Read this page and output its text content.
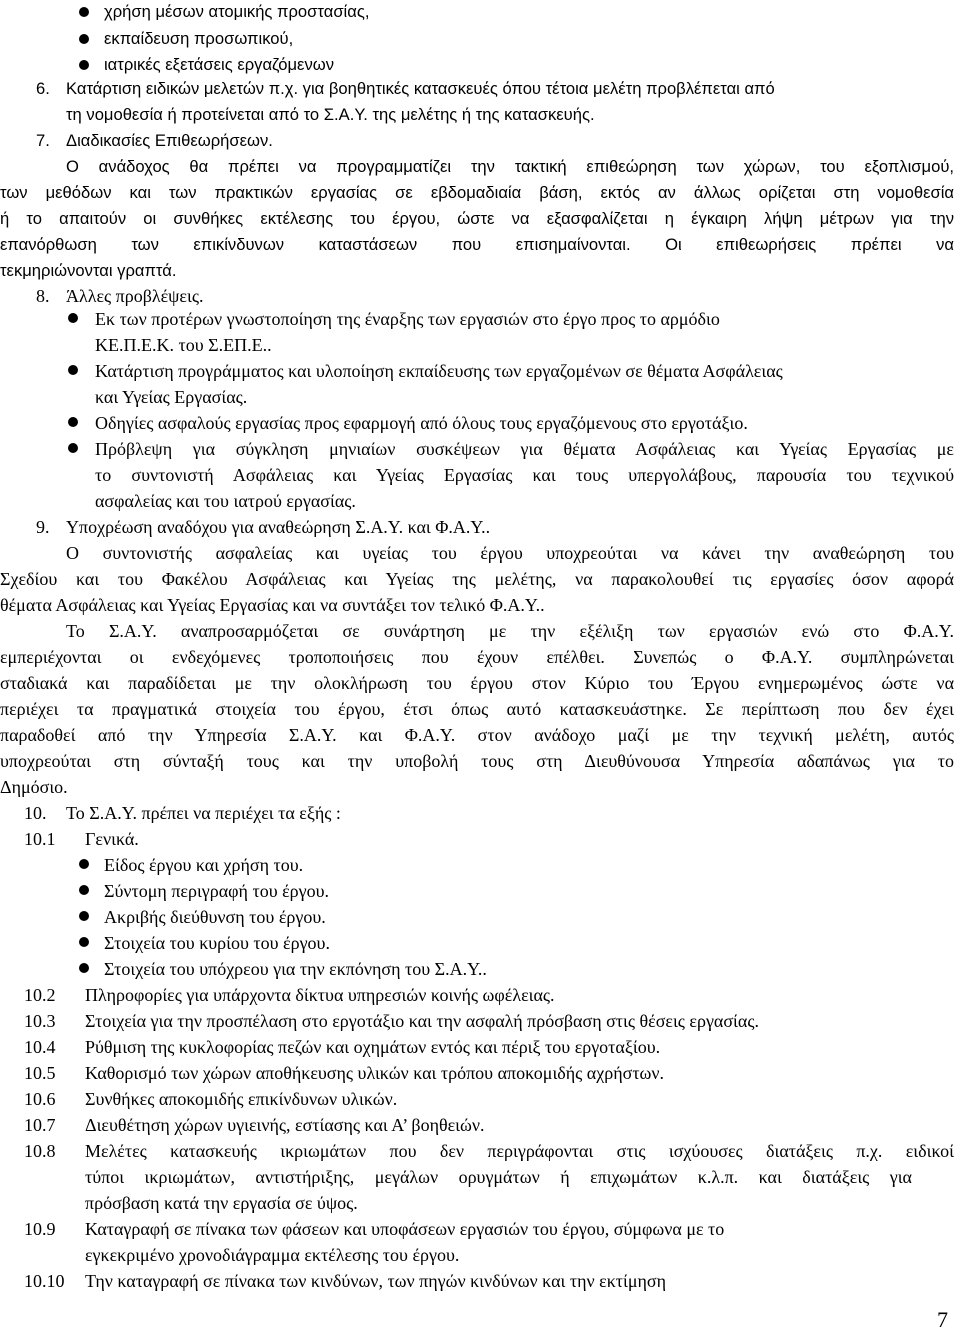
χρήση μέσων ατομικής προστασίας,
εκπαίδευση προσωπικού,
ιατρικές εξετάσεις εργαζόμενων
6. Κατάρτιση ειδικών μελετών π.χ. για βοηθητικές κατασκευές όπου τέτοια μελέτη προβλέπεται από
τη νομοθεσία ή προτείνεται από το Σ.Α.Υ. της μελέτης ή της κατασκευής.
7. Διαδικασίες Επιθεωρήσεων.
Ο ανάδοχος θα πρέπει να προγραμματίζει την τακτική επιθεώρηση των χώρων, του εξοπλισμού,
των μεθόδων και των πρακτικών εργασίας σε εβδομαδιαία βάση, εκτός αν άλλως ορίζεται στη νομοθεσία
ή το απαιτούν οι συνθήκες εκτέλεσης του έργου, ώστε να εξασφαλίζεται η έγκαιρη λήψη μέτρων για την
επανόρθωση των επικίνδυνων καταστάσεων που επισημαίνονται. Οι επιθεωρήσεις πρέπει να
τεκμηριώνονται γραπτά.
8. Άλλες προβλέψεις.
Εκ των προτέρων γνωστοποίηση της έναρξης των εργασιών στο έργο προς το αρμόδιο
ΚΕ.Π.Ε.Κ. του Σ.ΕΠ.Ε..
Κατάρτιση προγράμματος και υλοποίηση εκπαίδευσης των εργαζομένων σε θέματα Ασφάλειας
και Υγείας Εργασίας.
Οδηγίες ασφαλούς εργασίας προς εφαρμογή από όλους τους εργαζόμενους στο εργοτάξιο.
Πρόβλεψη για σύγκληση μηνιαίων συσκέψεων για θέματα Ασφάλειας και Υγείας Εργασίας με
το συντονιστή Ασφάλειας και Υγείας Εργασίας και τους υπεργολάβους, παρουσία του τεχνικού
ασφαλείας και του ιατρού εργασίας.
9. Υποχρέωση αναδόχου για αναθεώρηση Σ.Α.Υ. και Φ.Α.Υ..
Ο συντονιστής ασφαλείας και υγείας του έργου υποχρεούται να κάνει την αναθεώρηση του
Σχεδίου και του Φακέλου Ασφάλειας και Υγείας της μελέτης, να παρακολουθεί τις εργασίες όσον αφορά
θέματα Ασφάλειας και Υγείας Εργασίας και να συντάξει τον τελικό Φ.Α.Υ..
Το Σ.Α.Υ. αναπροσαρμόζεται σε συνάρτηση με την εξέλιξη των εργασιών ενώ στο Φ.Α.Υ.
εμπεριέχονται οι ενδεχόμενες τροποποιήσεις που έχουν επέλθει. Συνεπώς ο Φ.Α.Υ. συμπληρώνεται
σταδιακά και παραδίδεται με την ολοκλήρωση του έργου στον Κύριο του Έργου ενημερωμένος ώστε να
περιέχει τα πραγματικά στοιχεία του έργου, έτσι όπως αυτό κατασκευάστηκε. Σε περίπτωση που δεν έχει
παραδοθεί από την Υπηρεσία Σ.Α.Υ. και Φ.Α.Υ. στον ανάδοχο μαζί με την τεχνική μελέτη, αυτός
υποχρεούται στη σύνταξή τους και την υποβολή τους στη Διευθύνουσα Υπηρεσία αδαπάνως για το
Δημόσιο.
10. Το Σ.Α.Υ. πρέπει να περιέχει τα εξής :
10.1 Γενικά.
Είδος έργου και χρήση του.
Σύντομη περιγραφή του έργου.
Ακριβής διεύθυνση του έργου.
Στοιχεία του κυρίου του έργου.
Στοιχεία του υπόχρεου για την εκπόνηση του Σ.Α.Υ..
10.2 Πληροφορίες για υπάρχοντα δίκτυα υπηρεσιών κοινής ωφέλειας.
10.3 Στοιχεία για την προσπέλαση στο εργοτάξιο και την ασφαλή πρόσβαση στις θέσεις εργασίας.
10.4 Ρύθμιση της κυκλοφορίας πεζών και οχημάτων εντός και πέριξ του εργοταξίου.
10.5 Καθορισμό των χώρων αποθήκευσης υλικών και τρόπου αποκομιδής αχρήστων.
10.6 Συνθήκες αποκομιδής επικίνδυνων υλικών.
10.7 Διευθέτηση χώρων υγιεινής, εστίασης και Α’ βοηθειών.
10.8 Μελέτες κατασκευής ικριωμάτων που δεν περιγράφονται στις ισχύουσες διατάξεις π.χ. ειδικοί
τύποι ικριωμάτων, αντιστήριξης, μεγάλων ορυγμάτων ή επιχωμάτων κ.λ.π. και διατάξεις για
πρόσβαση κατά την εργασία σε ύψος.
10.9 Καταγραφή σε πίνακα των φάσεων και υποφάσεων εργασιών του έργου, σύμφωνα με το
εγκεκριμένο χρονοδιάγραμμα εκτέλεσης του έργου.
10.10 Την καταγραφή σε πίνακα των κινδύνων, των πηγών κινδύνων και την εκτίμηση
7
